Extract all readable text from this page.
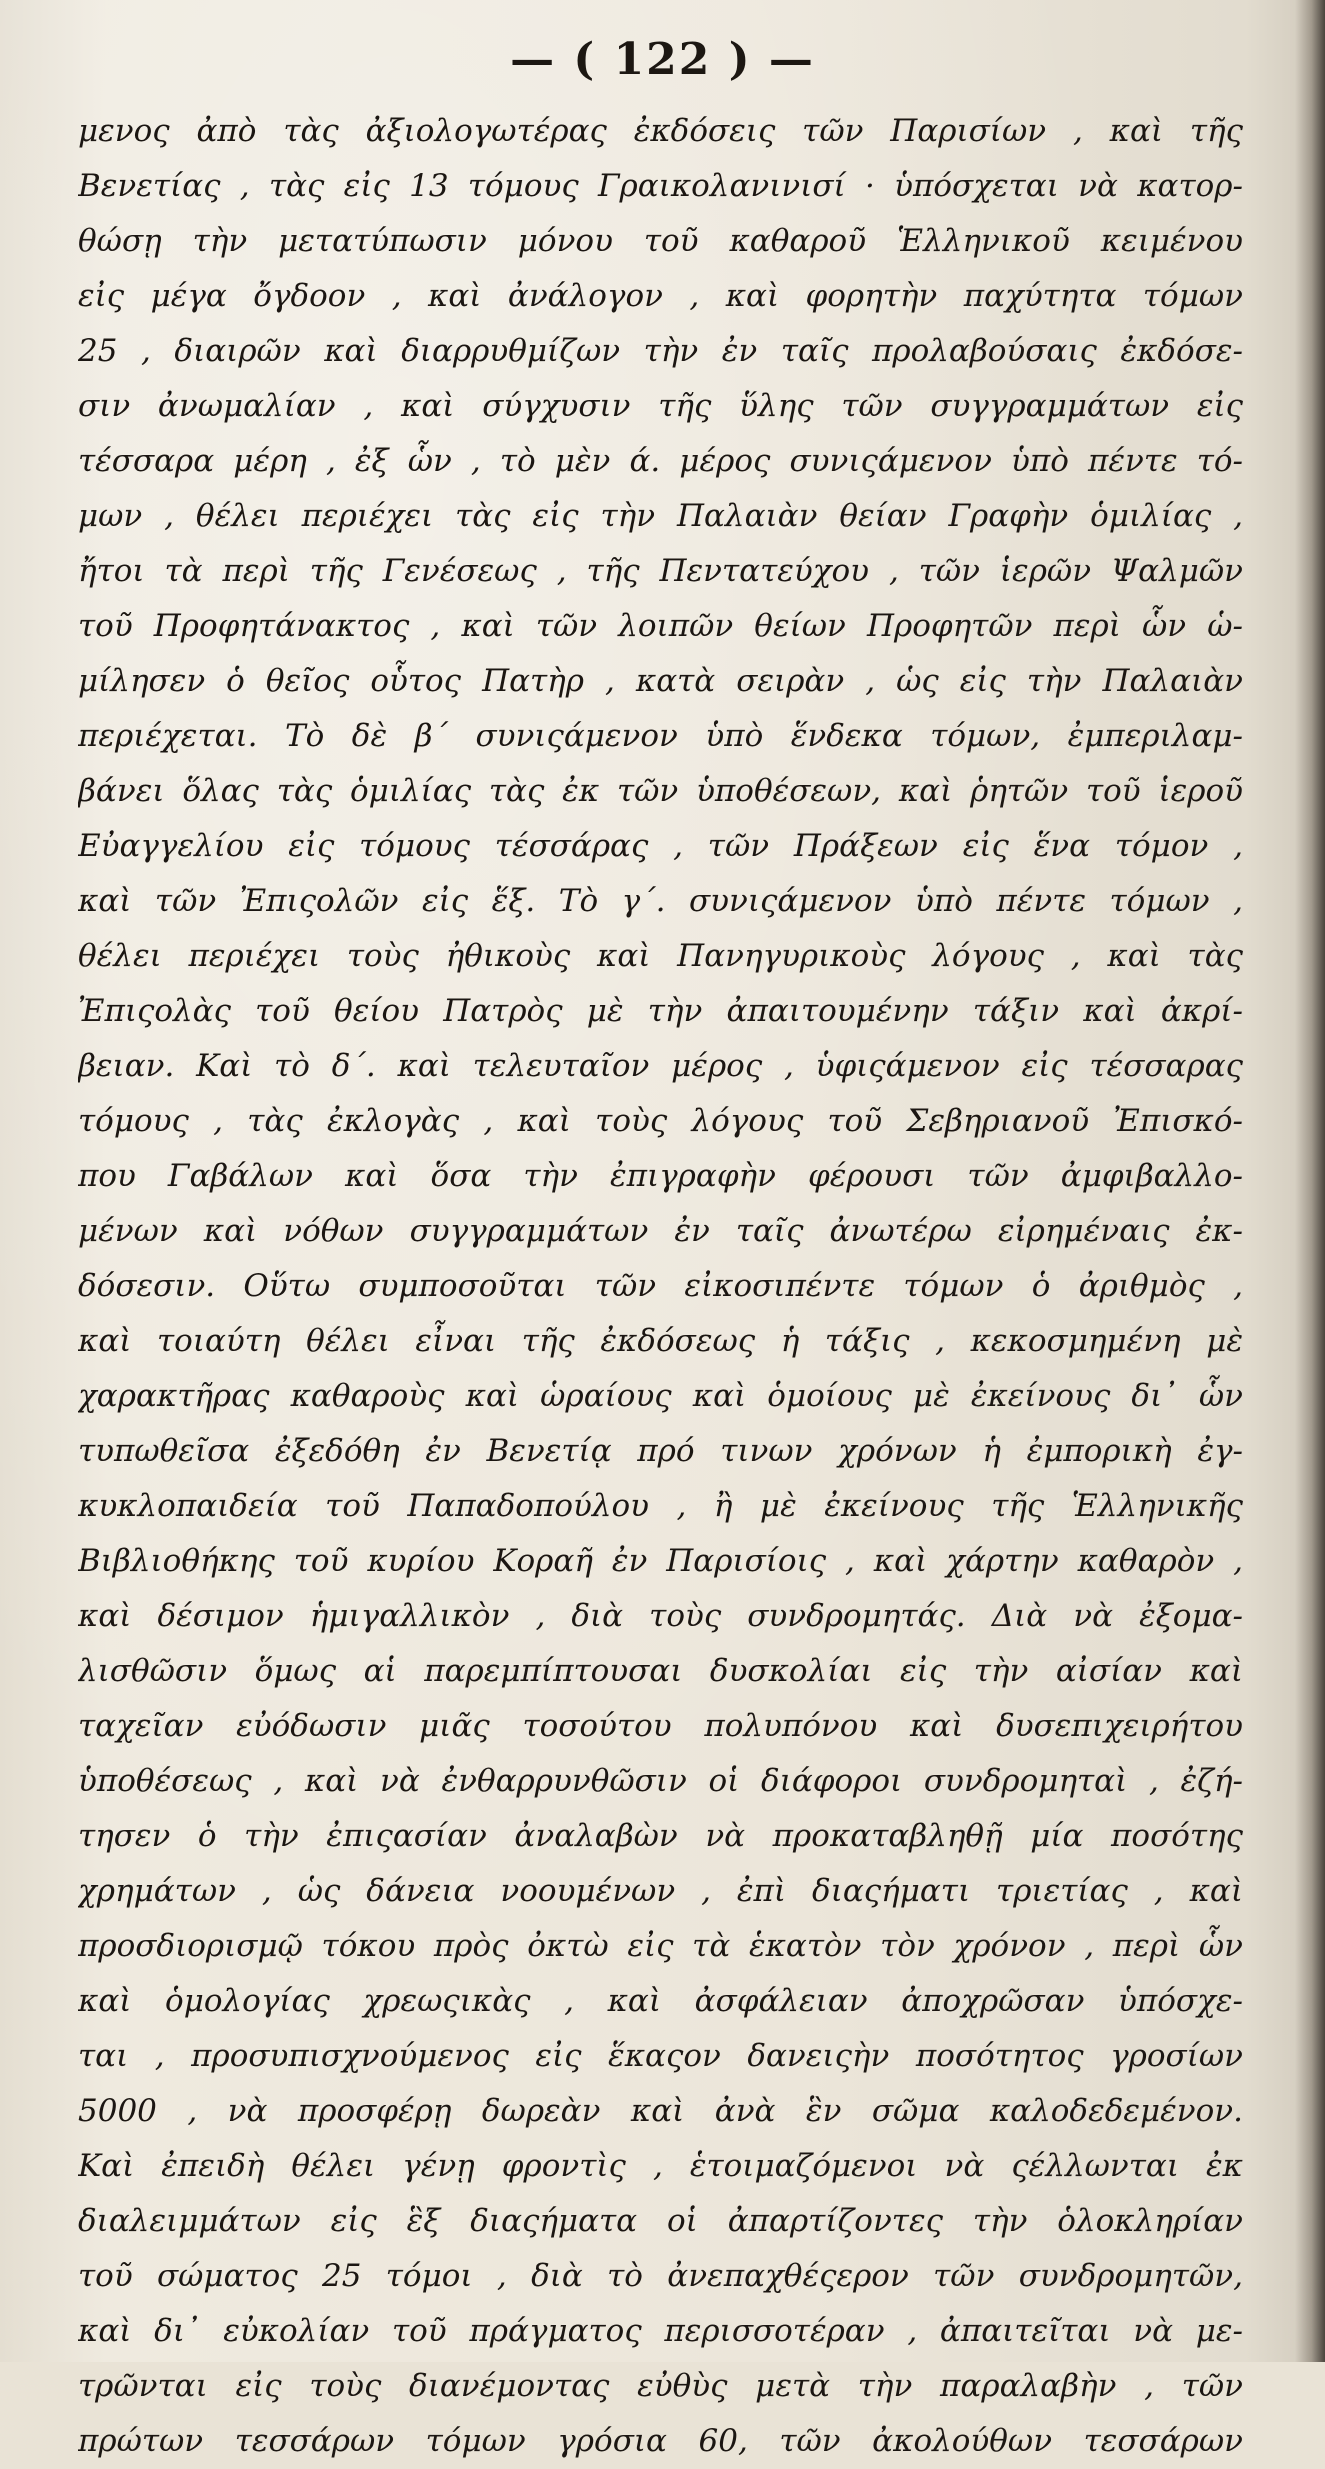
— ( 122 ) —
μενος ἀπὸ τὰς ἀξιολογωτέρας ἐκδόσεις τῶν Παρισίων , καὶ τῆς
Βενετίας , τὰς εἰς 13 τόμους Γραικολανινισί · ὑπόσχεται νὰ κατορ-
θώσῃ τὴν μετατύπωσιν μόνου τοῦ καθαροῦ Ἑλληνικοῦ κειμένου
εἰς μέγα ὄγδοον , καὶ ἀνάλογον , καὶ φορητὴν παχύτητα τόμων
25 , διαιρῶν καὶ διαρρυθμίζων τὴν ἐν ταῖς προλαβούσαις ἐκδόσε-
σιν ἀνωμαλίαν , καὶ σύγχυσιν τῆς ὕλης τῶν συγγραμμάτων εἰς
τέσσαρα μέρη , ἐξ ὧν , τὸ μὲν ά. μέρος συνιςάμενον ὑπὸ πέντε τό-
μων , θέλει περιέχει τὰς εἰς τὴν Παλαιὰν θείαν Γραφὴν ὁμιλίας ,
ἤτοι τὰ περὶ τῆς Γενέσεως , τῆς Πεντατεύχου , τῶν ἱερῶν Ψαλμῶν
τοῦ Προφητάνακτος , καὶ τῶν λοιπῶν θείων Προφητῶν περὶ ὧν ὡ-
μίλησεν ὁ θεῖος οὗτος Πατὴρ , κατὰ σειρὰν , ὡς εἰς τὴν Παλαιὰν
περιέχεται. Τὸ δὲ β΄ συνιςάμενον ὑπὸ ἕνδεκα τόμων, ἐμπεριλαμ-
βάνει ὅλας τὰς ὁμιλίας τὰς ἐκ τῶν ὑποθέσεων, καὶ ῥητῶν τοῦ ἱεροῦ
Εὐαγγελίου εἰς τόμους τέσσάρας , τῶν Πράξεων εἰς ἕνα τόμον ,
καὶ τῶν Ἐπιςολῶν εἰς ἕξ. Τὸ γ΄. συνιςάμενον ὑπὸ πέντε τόμων ,
θέλει περιέχει τοὺς ἠθικοὺς καὶ Πανηγυρικοὺς λόγους , καὶ τὰς
Ἐπιςολὰς τοῦ θείου Πατρὸς μὲ τὴν ἀπαιτουμένην τάξιν καὶ ἀκρί-
βειαν. Καὶ τὸ δ΄. καὶ τελευταῖον μέρος , ὑφιςάμενον εἰς τέσσαρας
τόμους , τὰς ἐκλογὰς , καὶ τοὺς λόγους τοῦ Σεβηριανοῦ Ἐπισκό-
που Γαβάλων καὶ ὅσα τὴν ἐπιγραφὴν φέρουσι τῶν ἀμφιβαλλο-
μένων καὶ νόθων συγγραμμάτων ἐν ταῖς ἀνωτέρω εἰρημέναις ἐκ-
δόσεσιν. Οὕτω συμποσοῦται τῶν εἰκοσιπέντε τόμων ὁ ἀριθμὸς ,
καὶ τοιαύτη θέλει εἶναι τῆς ἐκδόσεως ἡ τάξις , κεκοσμημένη μὲ
χαρακτῆρας καθαροὺς καὶ ὡραίους καὶ ὁμοίους μὲ ἐκείνους δι᾿ ὧν
τυπωθεῖσα ἐξεδόθη ἐν Βενετίᾳ πρό τινων χρόνων ἡ ἐμπορικὴ ἐγ-
κυκλοπαιδεία τοῦ Παπαδοπούλου , ἢ μὲ ἐκείνους τῆς Ἑλληνικῆς
Βιβλιοθήκης τοῦ κυρίου Κοραῆ ἐν Παρισίοις , καὶ χάρτην καθαρὸν ,
καὶ δέσιμον ἡμιγαλλικὸν , διὰ τοὺς συνδρομητάς. Διὰ νὰ ἐξομα-
λισθῶσιν ὅμως αἱ παρεμπίπτουσαι δυσκολίαι εἰς τὴν αἰσίαν καὶ
ταχεῖαν εὐόδωσιν μιᾶς τοσούτου πολυπόνου καὶ δυσεπιχειρήτου
ὑποθέσεως , καὶ νὰ ἐνθαρρυνθῶσιν οἱ διάφοροι συνδρομηταὶ , ἐζή-
τησεν ὁ τὴν ἐπιςασίαν ἀναλαβὼν νὰ προκαταβληθῇ μία ποσότης
χρημάτων , ὡς δάνεια νοουμένων , ἐπὶ διαςήματι τριετίας , καὶ
προσδιορισμῷ τόκου πρὸς ὀκτὼ εἰς τὰ ἑκατὸν τὸν χρόνον , περὶ ὧν
καὶ ὁμολογίας χρεωςικὰς , καὶ ἀσφάλειαν ἀποχρῶσαν ὑπόσχε-
ται , προσυπισχνούμενος εἰς ἕκαςον δανειςὴν ποσότητος γροσίων
5000 , νὰ προσφέρῃ δωρεὰν καὶ ἀνὰ ἓν σῶμα καλοδεδεμένον.
Καὶ ἐπειδὴ θέλει γένῃ φροντὶς , ἑτοιμαζόμενοι νὰ ςέλλωνται ἐκ
διαλειμμάτων εἰς ἓξ διαςήματα οἱ ἀπαρτίζοντες τὴν ὁλοκληρίαν
τοῦ σώματος 25 τόμοι , διὰ τὸ ἀνεπαχθέςερον τῶν συνδρομητῶν,
καὶ δι᾿ εὐκολίαν τοῦ πράγματος περισσοτέραν , ἀπαιτεῖται νὰ με-
τρῶνται εἰς τοὺς διανέμοντας εὐθὺς μετὰ τὴν παραλαβὴν , τῶν
πρώτων τεσσάρων τόμων γρόσια 60, τῶν ἀκολούθων τεσσάρων
